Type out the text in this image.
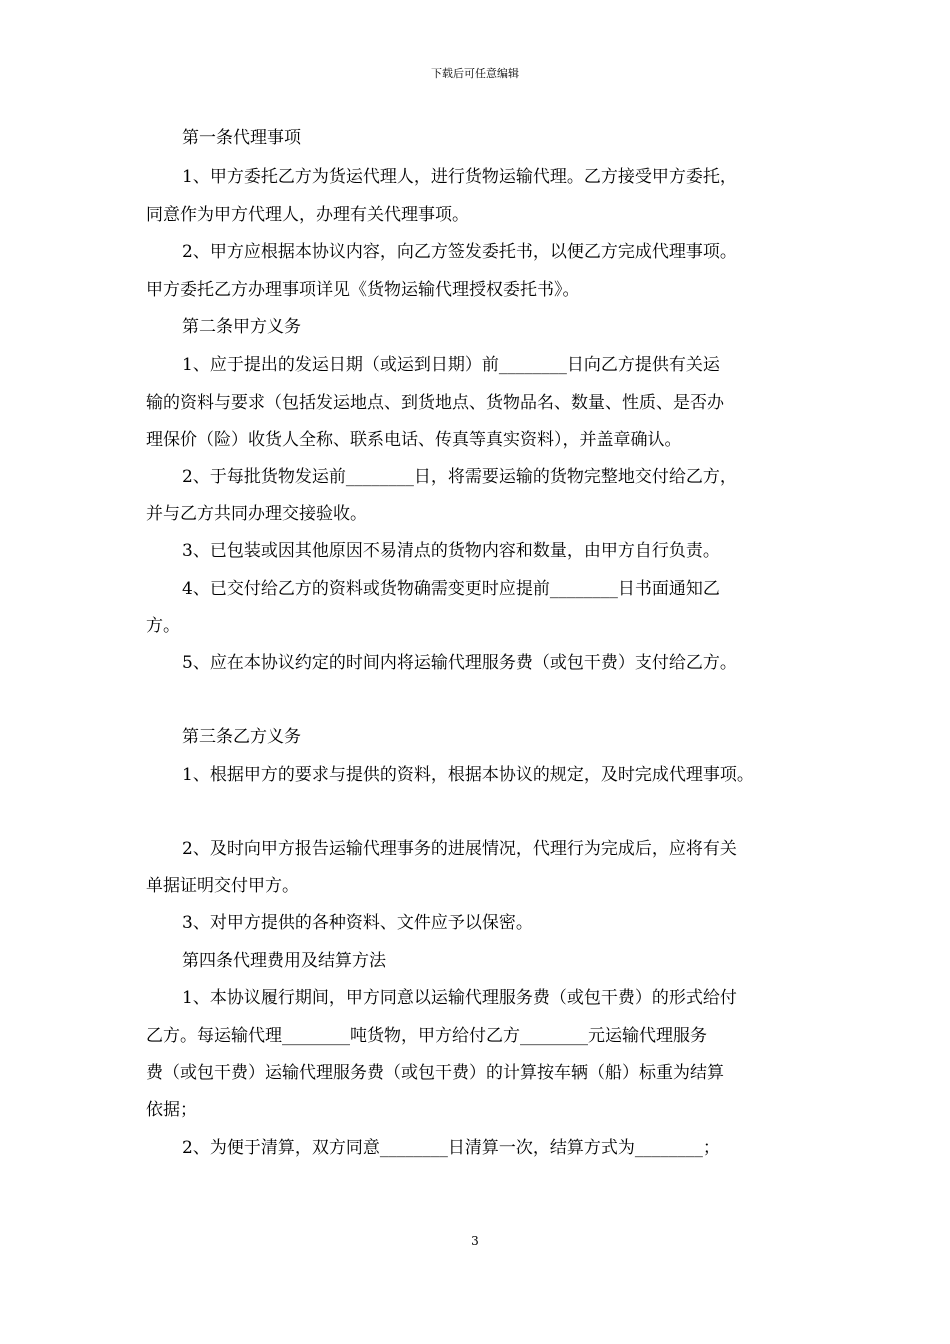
下载后可任意编辑
第一条代理事项
1、甲方委托乙方为货运代理人，进行货物运输代理。乙方接受甲方委托，
同意作为甲方代理人，办理有关代理事项。
2、甲方应根据本协议内容，向乙方签发委托书，以便乙方完成代理事项。
甲方委托乙方办理事项详见《货物运输代理授权委托书》。
第二条甲方义务
1、应于提出的发运日期（或运到日期）前________日向乙方提供有关运
输的资料与要求（包括发运地点、到货地点、货物品名、数量、性质、是否办
理保价（险）收货人全称、联系电话、传真等真实资料），并盖章确认。
2、于每批货物发运前________日，将需要运输的货物完整地交付给乙方，
并与乙方共同办理交接验收。
3、已包装或因其他原因不易清点的货物内容和数量，由甲方自行负责。
4、已交付给乙方的资料或货物确需变更时应提前________日书面通知乙
方。
5、应在本协议约定的时间内将运输代理服务费（或包干费）支付给乙方。
第三条乙方义务
1、根据甲方的要求与提供的资料，根据本协议的规定，及时完成代理事项。
2、及时向甲方报告运输代理事务的进展情况，代理行为完成后，应将有关
单据证明交付甲方。
3、对甲方提供的各种资料、文件应予以保密。
第四条代理费用及结算方法
1、本协议履行期间，甲方同意以运输代理服务费（或包干费）的形式给付
乙方。每运输代理________吨货物，甲方给付乙方________元运输代理服务
费（或包干费）运输代理服务费（或包干费）的计算按车辆（船）标重为结算
依据；
2、为便于清算，双方同意________日清算一次，结算方式为________；
3
